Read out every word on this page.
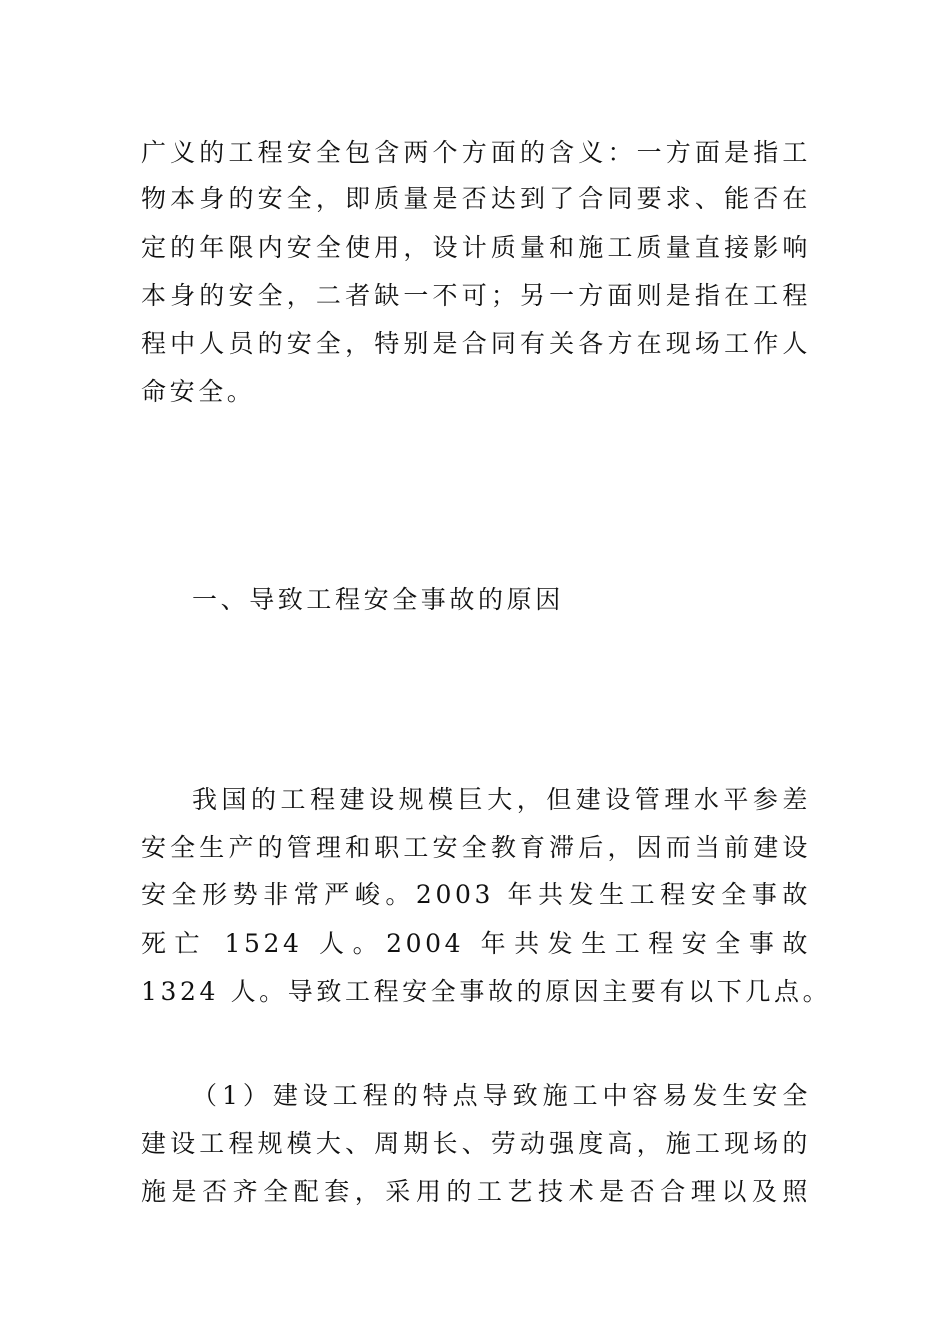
广义的工程安全包含两个方面的含义：一方面是指工
物本身的安全，即质量是否达到了合同要求、能否在
定的年限内安全使用，设计质量和施工质量直接影响
本身的安全，二者缺一不可；另一方面则是指在工程
程中人员的安全，特别是合同有关各方在现场工作人
命安全。
一、导致工程安全事故的原因
我国的工程建设规模巨大，但建设管理水平参差
安全生产的管理和职工安全教育滞后，因而当前建设
安全形势非常严峻。2003 年共发生工程安全事故
死亡 1524 人。2004 年共发生工程安全事故
1324 人。导致工程安全事故的原因主要有以下几点。
（1）建设工程的特点导致施工中容易发生安全
建设工程规模大、周期长、劳动强度高，施工现场的
施是否齐全配套，采用的工艺技术是否合理以及照
